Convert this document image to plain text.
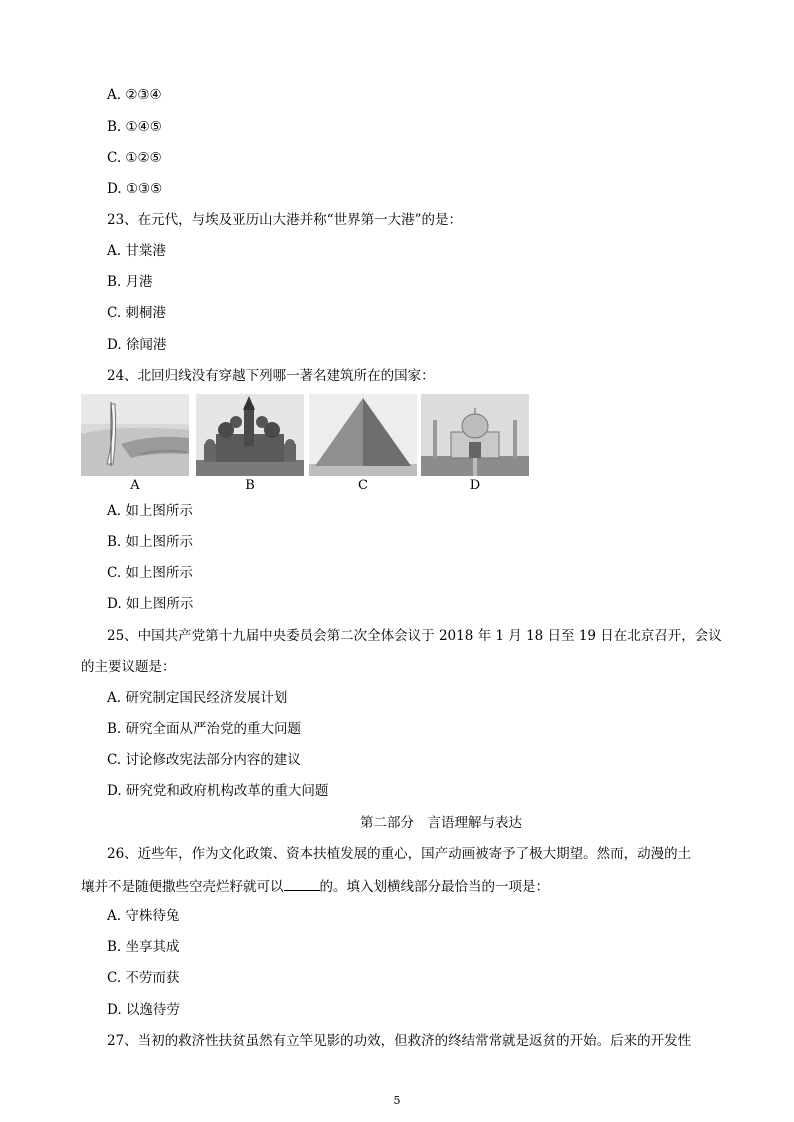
A. ②③④
B. ①④⑤
C. ①②⑤
D. ①③⑤
23、在元代，与埃及亚历山大港并称“世界第一大港”的是：
A. 甘棠港
B. 月港
C. 刺桐港
D. 徐闻港
24、北回归线没有穿越下列哪一著名建筑所在的国家：
A	B	C	D
A. 如上图所示
B. 如上图所示
C. 如上图所示
D. 如上图所示
25、中国共产党第十九届中央委员会第二次全体会议于 2018 年 1 月 18 日至 19 日在北京召开，会议
的主要议题是：
A. 研究制定国民经济发展计划
B. 研究全面从严治党的重大问题
C. 讨论修改宪法部分内容的建议
D. 研究党和政府机构改革的重大问题
第二部分　言语理解与表达
26、近些年，作为文化政策、资本扶植发展的重心，国产动画被寄予了极大期望。然而，动漫的土
壤并不是随便撒些空壳烂籽就可以	的。填入划横线部分最恰当的一项是：
A. 守株待兔
B. 坐享其成
C. 不劳而获
D. 以逸待劳
27、当初的救济性扶贫虽然有立竿见影的功效，但救济的终结常常就是返贫的开始。后来的开发性
5
